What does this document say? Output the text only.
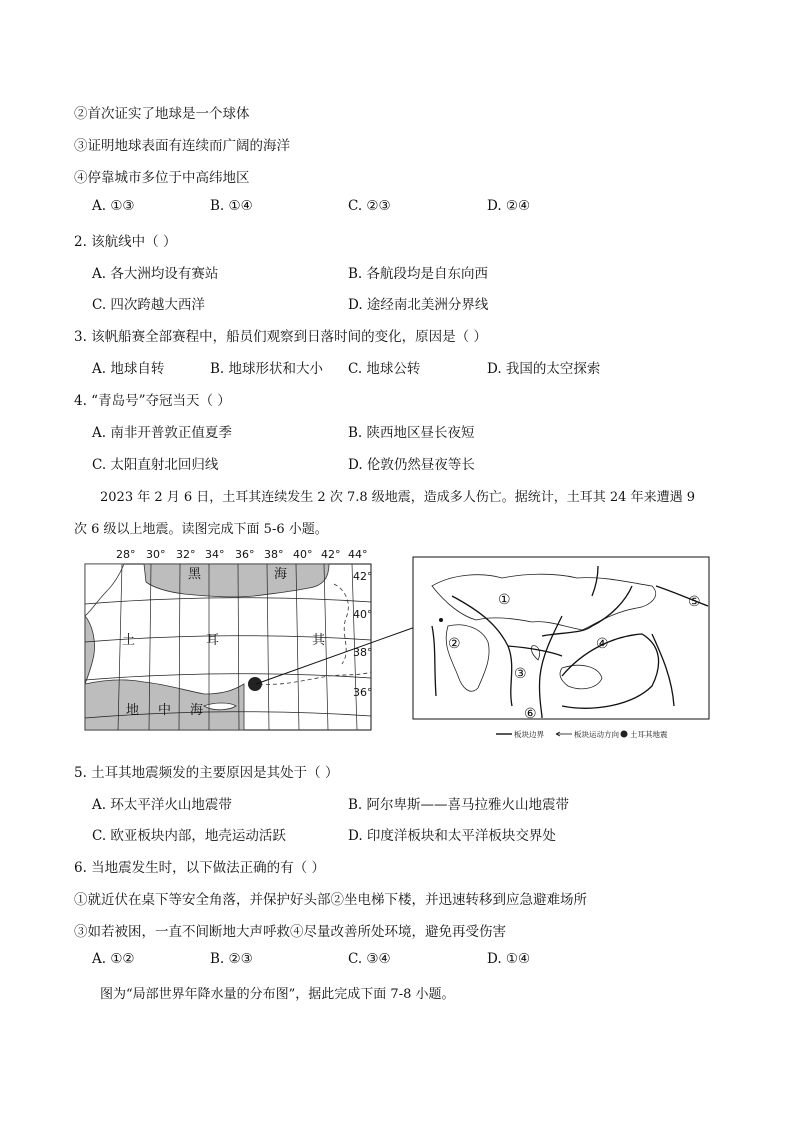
②首次证实了地球是一个球体
③证明地球表面有连续而广阔的海洋
④停靠城市多位于中高纬地区
A. ①③	B. ①④	C. ②③	D. ②④
2. 该航线中（ ）
A. 各大洲均设有赛站	B. 各航段均是自东向西
C. 四次跨越大西洋	D. 途经南北美洲分界线
3. 该帆船赛全部赛程中，船员们观察到日落时间的变化，原因是（ ）
A. 地球自转	B. 地球形状和大小 C. 地球公转	D. 我国的太空探索
4. “青岛号”夺冠当天（ ）
A. 南非开普敦正值夏季	B. 陕西地区昼长夜短
C. 太阳直射北回归线	D. 伦敦仍然昼夜等长
2023 年 2 月 6 日，土耳其连续发生 2 次 7.8 级地震，造成多人伤亡。据统计，土耳其 24 年来遭遇 9
次 6 级以上地震。读图完成下面 5-6 小题。
28° 30° 32° 34° 36° 38° 40° 42° 44°
黑	海
土	耳	其
地 中 海
42°
40°
38°
36°
①
②
③
④
⑤
⑥
板块边界	板块运动方向 土耳其地震
5. 土耳其地震频发的主要原因是其处于（ ）
A. 环太平洋火山地震带	B. 阿尔卑斯——喜马拉雅火山地震带
C. 欧亚板块内部，地壳运动活跃	D. 印度洋板块和太平洋板块交界处
6. 当地震发生时，以下做法正确的有（ ）
①就近伏在桌下等安全角落，并保护好头部②坐电梯下楼，并迅速转移到应急避难场所
③如若被困，一直不间断地大声呼救④尽量改善所处环境，避免再受伤害
A. ①②	B. ②③	C. ③④	D. ①④
图为“局部世界年降水量的分布图”，据此完成下面 7-8 小题。
